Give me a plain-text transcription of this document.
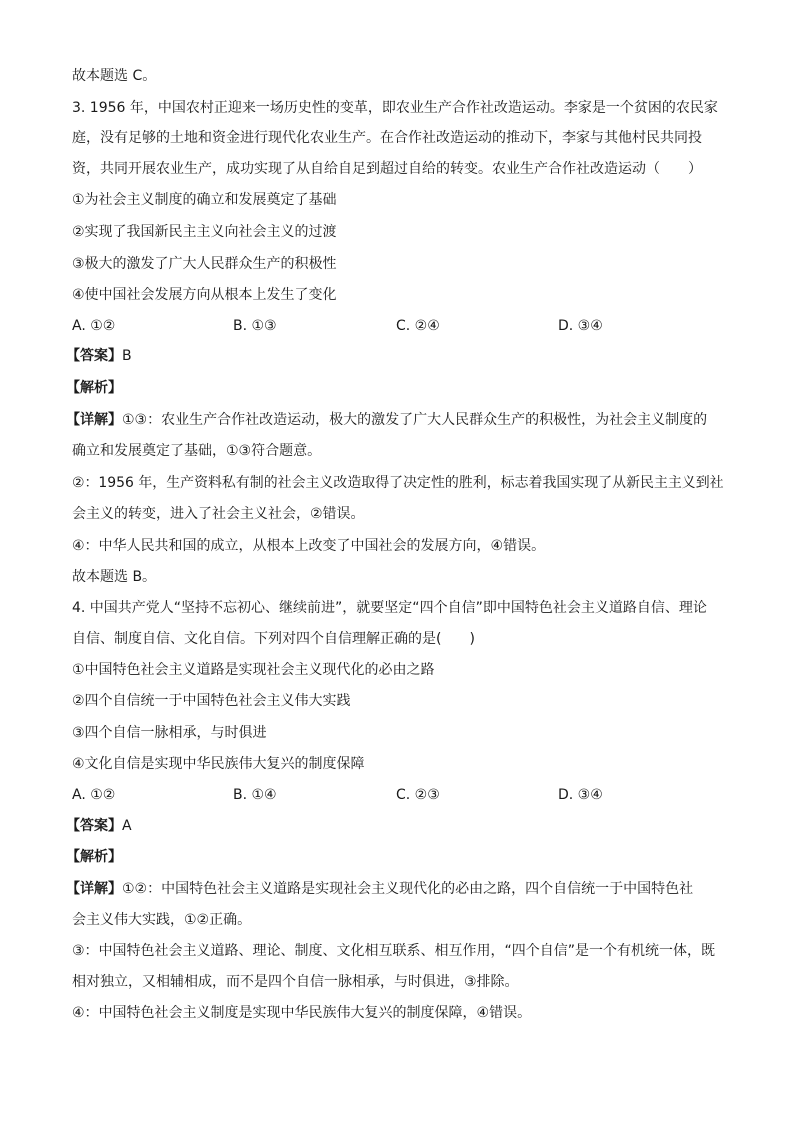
故本题选 C。
3. 1956 年，中国农村正迎来一场历史性的变革，即农业生产合作社改造运动。李家是一个贫困的农民家
庭，没有足够的土地和资金进行现代化农业生产。在合作社改造运动的推动下，李家与其他村民共同投
资，共同开展农业生产，成功实现了从自给自足到超过自给的转变。农业生产合作社改造运动（　　）
①为社会主义制度的确立和发展奠定了基础
②实现了我国新民主主义向社会主义的过渡
③极大的激发了广大人民群众生产的积极性
④使中国社会发展方向从根本上发生了变化
A. ①②	B. ①③	C. ②④	D. ③④
【答案】B
【解析】
【详解】①③：农业生产合作社改造运动，极大的激发了广大人民群众生产的积极性，为社会主义制度的
确立和发展奠定了基础，①③符合题意。
②：1956 年，生产资料私有制的社会主义改造取得了决定性的胜利，标志着我国实现了从新民主主义到社
会主义的转变，进入了社会主义社会，②错误。
④：中华人民共和国的成立，从根本上改变了中国社会的发展方向，④错误。
故本题选 B。
4. 中国共产党人“坚持不忘初心、继续前进”，就要坚定“四个自信”即中国特色社会主义道路自信、理论
自信、制度自信、文化自信。下列对四个自信理解正确的是(　　)
①中国特色社会主义道路是实现社会主义现代化的必由之路
②四个自信统一于中国特色社会主义伟大实践
③四个自信一脉相承，与时俱进
④文化自信是实现中华民族伟大复兴的制度保障
A. ①②	B. ①④	C. ②③	D. ③④
【答案】A
【解析】
【详解】①②：中国特色社会主义道路是实现社会主义现代化的必由之路，四个自信统一于中国特色社
会主义伟大实践，①②正确。
③：中国特色社会主义道路、理论、制度、文化相互联系、相互作用，“四个自信”是一个有机统一体，既
相对独立，又相辅相成，而不是四个自信一脉相承，与时俱进，③排除。
④：中国特色社会主义制度是实现中华民族伟大复兴的制度保障，④错误。
